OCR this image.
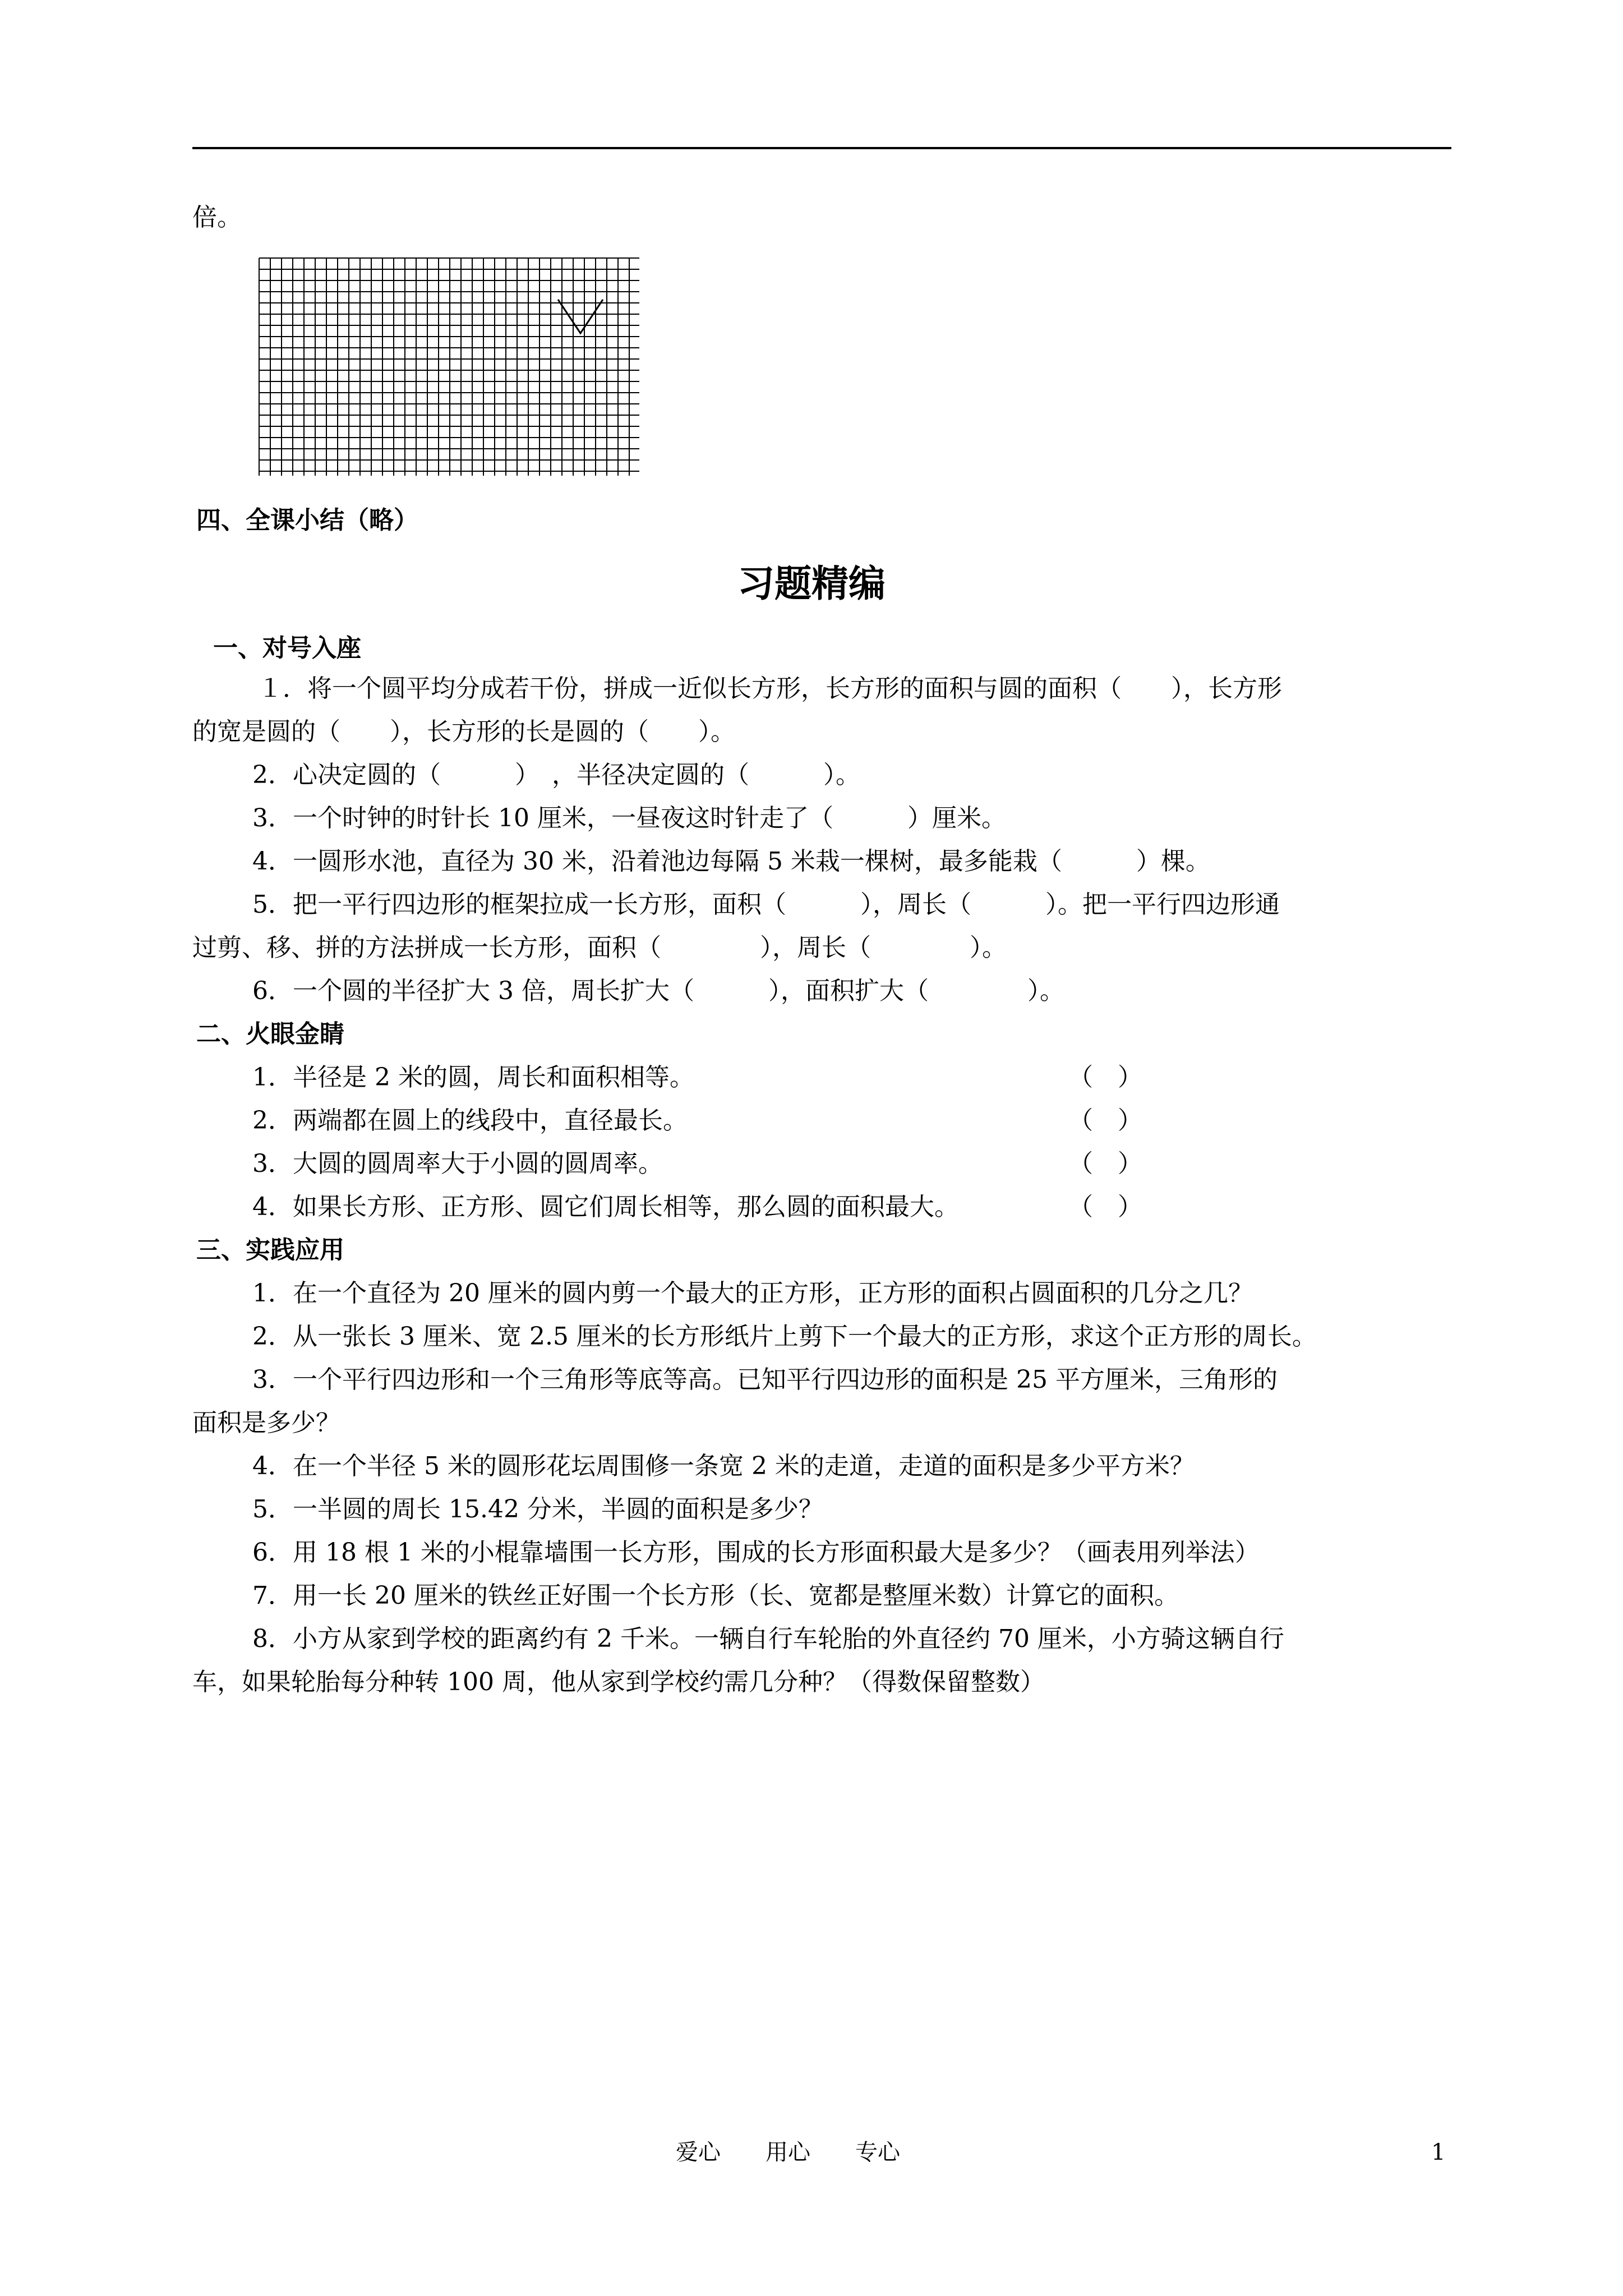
倍。
四、全课小结（略）
习题精编
一、对号入座
１．将一个圆平均分成若干份，拼成一近似长方形，长方形的面积与圆的面积（　　），长方形
的宽是圆的（　　），长方形的长是圆的（　　）。
2．心决定圆的（　　　）　，半径决定圆的（　　　）。
3．一个时钟的时针长 10 厘米，一昼夜这时针走了（　　　）厘米。
4．一圆形水池，直径为 30 米，沿着池边每隔 5 米栽一棵树，最多能栽（　　　）棵。
5．把一平行四边形的框架拉成一长方形，面积（　　　），周长（　　　）。把一平行四边形通
过剪、移、拼的方法拼成一长方形，面积（　　　　），周长（　　　　）。
6．一个圆的半径扩大 3 倍，周长扩大（　　　），面积扩大（　　　　）。
二、火眼金睛
1．半径是 2 米的圆，周长和面积相等。	（　）
2．两端都在圆上的线段中，直径最长。	（　）
3．大圆的圆周率大于小圆的圆周率。	（　）
4．如果长方形、正方形、圆它们周长相等，那么圆的面积最大。	（　）
三、实践应用
1．在一个直径为 20 厘米的圆内剪一个最大的正方形，正方形的面积占圆面积的几分之几？
2．从一张长 3 厘米、宽 2.5 厘米的长方形纸片上剪下一个最大的正方形，求这个正方形的周长。
3．一个平行四边形和一个三角形等底等高。已知平行四边形的面积是 25 平方厘米，三角形的
面积是多少？
4．在一个半径 5 米的圆形花坛周围修一条宽 2 米的走道，走道的面积是多少平方米？
5．一半圆的周长 15.42 分米，半圆的面积是多少？
6．用 18 根 1 米的小棍靠墙围一长方形，围成的长方形面积最大是多少？（画表用列举法）
7．用一长 20 厘米的铁丝正好围一个长方形（长、宽都是整厘米数）计算它的面积。
8．小方从家到学校的距离约有 2 千米。一辆自行车轮胎的外直径约 70 厘米，小方骑这辆自行
车，如果轮胎每分种转 100 周，他从家到学校约需几分种？（得数保留整数）
爱心　　用心　　专心	1
